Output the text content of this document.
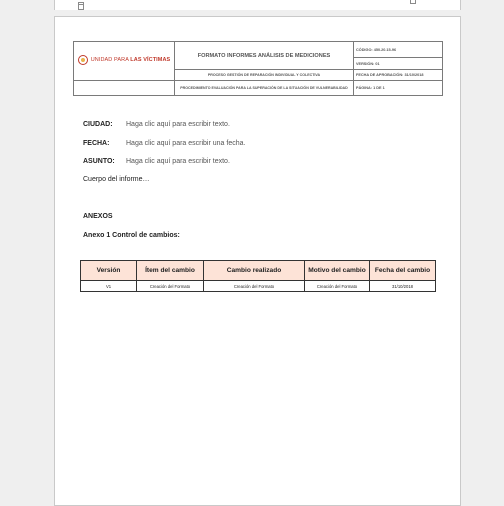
UNIDAD PARA LAS VÍCTIMAS	FORMATO INFORMES ANÁLISIS DE MEDICIONES	CÓDIGO: 450.20.15-96
		VERSIÓN: 01
	PROCESO GESTIÓN DE REPARACIÓN INDIVIDUAL Y COLECTIVA	FECHA DE APROBACIÓN: 31/10/2018
	PROCEDIMIENTO EVALUACIÓN PARA LA SUPERACIÓN DE LA SITUACIÓN DE VULNERABILIDAD	PÁGINA: 1 DE 1
CIUDAD: Haga clic aquí para escribir texto.
FECHA: Haga clic aquí para escribir una fecha.
ASUNTO: Haga clic aquí para escribir texto.
Cuerpo del informe…
ANEXOS
Anexo 1 Control de cambios:
Versión	Ítem del cambio	Cambio realizado	Motivo del cambio	Fecha del cambio
V1	Creación del Formato	Creación del Formato	Creación del Formato	31/10/2018
